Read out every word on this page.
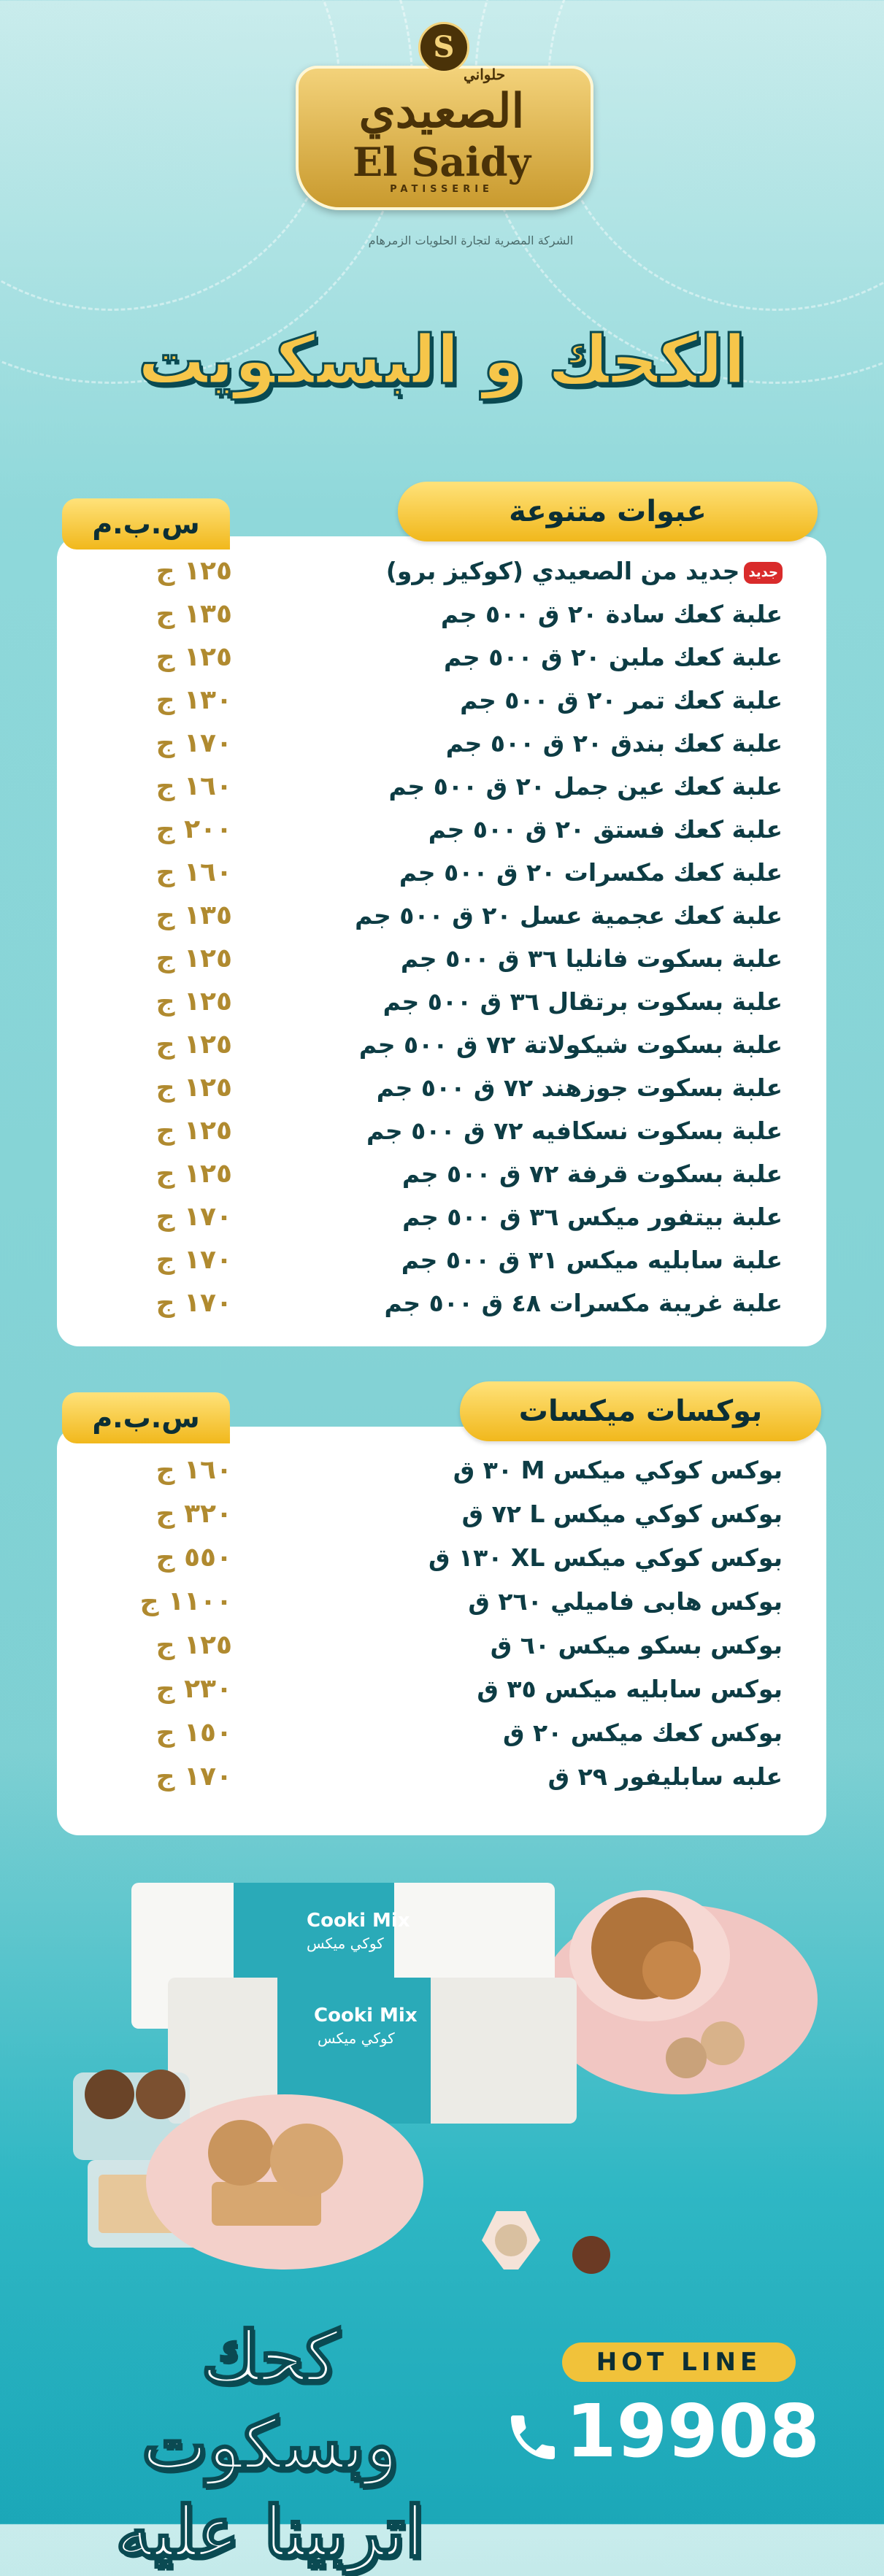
S
الصعيدي
El Saidy
PATISSERIE
الشركة المصرية لتجارة الحلويات الزمرهام
حلواني
الكحك و البسكويت
عبوات متنوعة
س.ب.م
جديدجديد من الصعيدي (كوكيز برو)
١٢٥ ج
علبة كعك سادة ٢٠ ق ٥٠٠ جم
١٣٥ ج
علبة كعك ملبن ٢٠ ق ٥٠٠ جم
١٢٥ ج
علبة كعك تمر ٢٠ ق ٥٠٠ جم
١٣٠ ج
علبة كعك بندق ٢٠ ق ٥٠٠ جم
١٧٠ ج
علبة كعك عين جمل ٢٠ ق ٥٠٠ جم
١٦٠ ج
علبة كعك فستق ٢٠ ق ٥٠٠ جم
٢٠٠ ج
علبة كعك مكسرات ٢٠ ق ٥٠٠ جم
١٦٠ ج
علبة كعك عجمية عسل ٢٠ ق ٥٠٠ جم
١٣٥ ج
علبة بسكوت فانليا ٣٦ ق ٥٠٠ جم
١٢٥ ج
علبة بسكوت برتقال ٣٦ ق ٥٠٠ جم
١٢٥ ج
علبة بسكوت شيكولاتة ٧٢ ق ٥٠٠ جم
١٢٥ ج
علبة بسكوت جوزهند ٧٢ ق ٥٠٠ جم
١٢٥ ج
علبة بسكوت نسكافيه ٧٢ ق ٥٠٠ جم
١٢٥ ج
علبة بسكوت قرفة ٧٢ ق ٥٠٠ جم
١٢٥ ج
علبة بيتفور ميكس ٣٦ ق ٥٠٠ جم
١٧٠ ج
علبة سابليه ميكس ٣١ ق ٥٠٠ جم
١٧٠ ج
علبة غريبة مكسرات ٤٨ ق ٥٠٠ جم
١٧٠ ج
بوكسات ميكسات
س.ب.م
بوكس كوكي ميكس M ٣٠ ق
١٦٠ ج
بوكس كوكي ميكس L ٧٢ ق
٣٢٠ ج
بوكس كوكي ميكس XL ١٣٠ ق
٥٥٠ ج
بوكس هابى فاميلي ٢٦٠ ق
١١٠٠ ج
بوكس بسكو ميكس ٦٠ ق
١٢٥ ج
بوكس سابليه ميكس ٣٥ ق
٢٣٠ ج
بوكس كعك ميكس ٢٠ ق
١٥٠ ج
علبه سابليفور ٢٩ ق
١٧٠ ج
Cooki Mix
كوكي ميكس
Cooki Mix
كوكي ميكس
كحك وبسكوت
اتربينا عليه
HOT LINE
19908
